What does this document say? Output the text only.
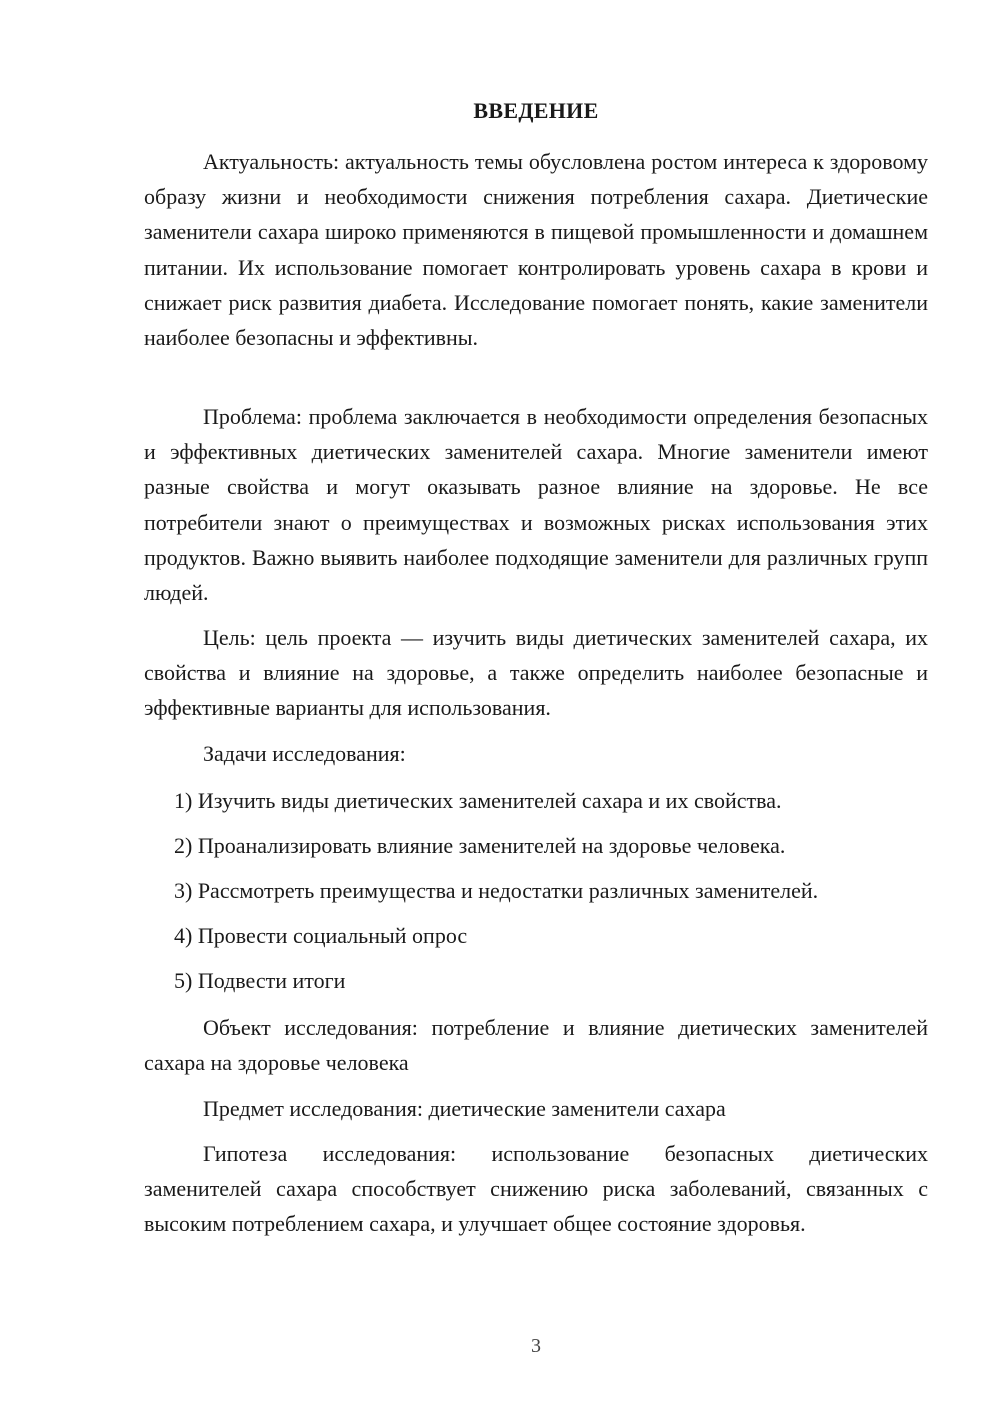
ВВЕДЕНИЕ

Актуальность: актуальность темы обусловлена ростом интереса к здоровому образу жизни и необходимости снижения потребления сахара. Диетические заменители сахара широко применяются в пищевой промышленности и домашнем питании. Их использование помогает контролировать уровень сахара в крови и снижает риск развития диабета. Исследование помогает понять, какие заменители наиболее безопасны и эффективны.

Проблема: проблема заключается в необходимости определения безопасных и эффективных диетических заменителей сахара. Многие заменители имеют разные свойства и могут оказывать разное влияние на здоровье. Не все потребители знают о преимуществах и возможных рисках использования этих продуктов. Важно выявить наиболее подходящие заменители для различных групп людей.

Цель: цель проекта — изучить виды диетических заменителей сахара, их свойства и влияние на здоровье, а также определить наиболее безопасные и эффективные варианты для использования.

Задачи исследования:

1) Изучить виды диетических заменителей сахара и их свойства.

2) Проанализировать влияние заменителей на здоровье человека.

3) Рассмотреть преимущества и недостатки различных заменителей.

4) Провести социальный опрос

5) Подвести итоги

Объект исследования: потребление и влияние диетических заменителей сахара на здоровье человека

Предмет исследования: диетические заменители сахара

Гипотеза исследования: использование безопасных диетических заменителей сахара способствует снижению риска заболеваний, связанных с высоким потреблением сахара, и улучшает общее состояние здоровья.

3
